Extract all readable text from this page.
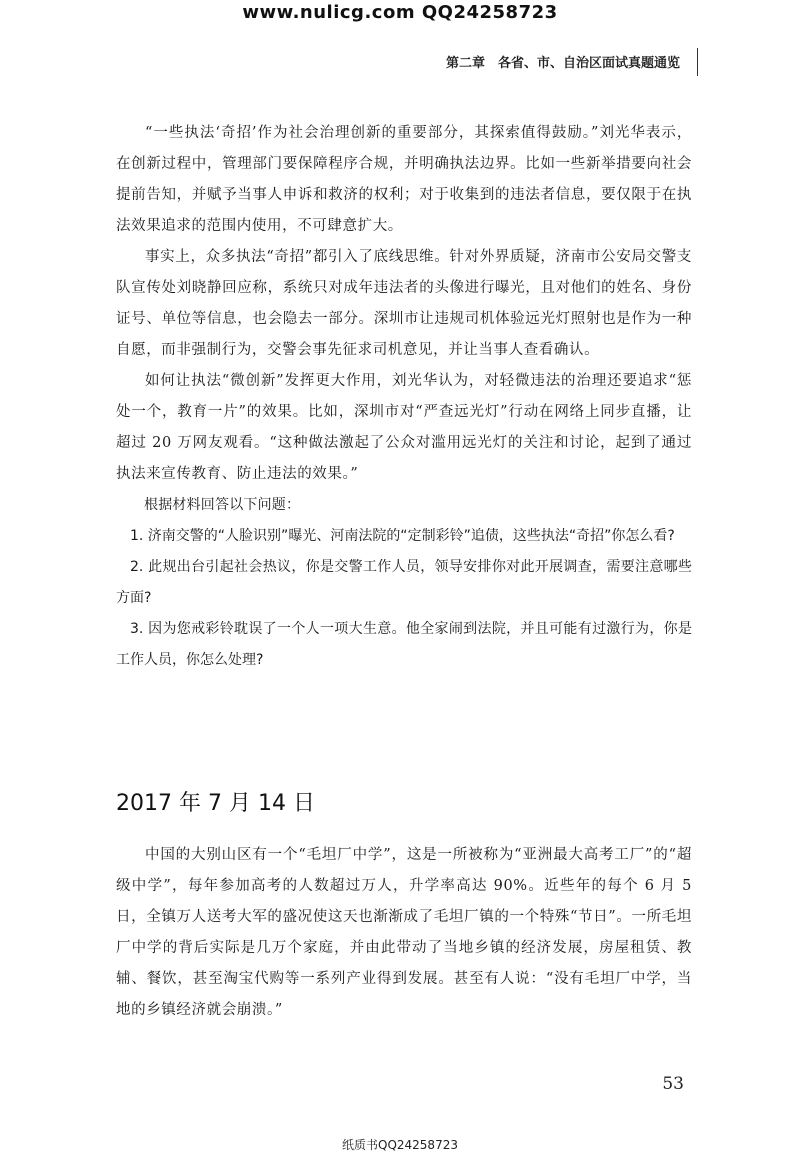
www.nulicg.com QQ24258723
第二章　各省、市、自治区面试真题通览

“一些执法‘奇招’作为社会治理创新的重要部分，其探索值得鼓励。”刘光华表示，在创新过程中，管理部门要保障程序合规，并明确执法边界。比如一些新举措要向社会提前告知，并赋予当事人申诉和救济的权利；对于收集到的违法者信息，要仅限于在执法效果追求的范围内使用，不可肆意扩大。

事实上，众多执法“奇招”都引入了底线思维。针对外界质疑，济南市公安局交警支队宣传处刘晓静回应称，系统只对成年违法者的头像进行曝光，且对他们的姓名、身份证号、单位等信息，也会隐去一部分。深圳市让违规司机体验远光灯照射也是作为一种自愿，而非强制行为，交警会事先征求司机意见，并让当事人查看确认。

如何让执法“微创新”发挥更大作用，刘光华认为，对轻微违法的治理还要追求“惩处一个，教育一片”的效果。比如，深圳市对“严查远光灯”行动在网络上同步直播，让超过 20 万网友观看。“这种做法激起了公众对滥用远光灯的关注和讨论，起到了通过执法来宣传教育、防止违法的效果。”

根据材料回答以下问题：

1. 济南交警的“人脸识别”曝光、河南法院的“定制彩铃”追债，这些执法“奇招”你怎么看?

2. 此规出台引起社会热议，你是交警工作人员，领导安排你对此开展调查，需要注意哪些方面?

3. 因为您戒彩铃耽误了一个人一项大生意。他全家闹到法院，并且可能有过激行为，你是工作人员，你怎么处理?

2017 年 7 月 14 日

中国的大别山区有一个“毛坦厂中学”，这是一所被称为“亚洲最大高考工厂”的“超级中学”，每年参加高考的人数超过万人，升学率高达 90%。近些年的每个 6 月 5 日，全镇万人送考大军的盛况使这天也渐渐成了毛坦厂镇的一个特殊“节日”。一所毛坦厂中学的背后实际是几万个家庭，并由此带动了当地乡镇的经济发展，房屋租赁、教辅、餐饮，甚至淘宝代购等一系列产业得到发展。甚至有人说：“没有毛坦厂中学，当地的乡镇经济就会崩溃。”

53
纸质书QQ24258723
